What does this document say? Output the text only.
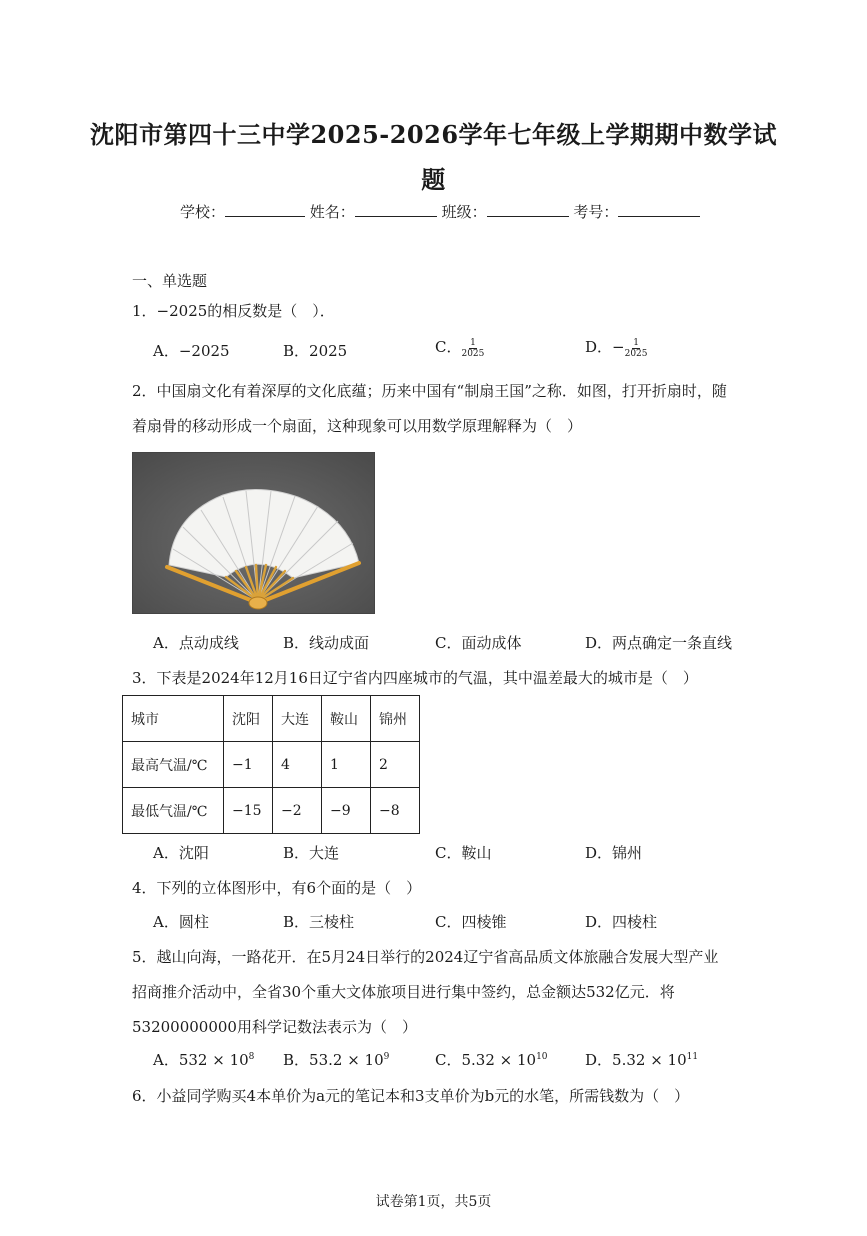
沈阳市第四十三中学2025-2026学年七年级上学期期中数学试
题
学校：	姓名：	班级：	考号：
一、单选题
1．−2025的相反数是（　）．
A．−2025	B．2025	C． $\frac{1}{2025}$	D．− $\frac{1}{2025}$
2．中国扇文化有着深厚的文化底蕴；历来中国有“制扇王国”之称．如图，打开折扇时，随
着扇骨的移动形成一个扇面，这种现象可以用数学原理解释为（　）
A．点动成线	B．线动成面	C．面动成体	D．两点确定一条直线
3．下表是2024年12月16日辽宁省内四座城市的气温，其中温差最大的城市是（　）
城市	沈阳	大连	鞍山	锦州
最高气温/℃	−1	4	1	2
最低气温/℃	−15	−2	−9	−8
A．沈阳	B．大连	C．鞍山	D．锦州
4．下列的立体图形中，有6个面的是（　）
A．圆柱	B．三棱柱	C．四棱锥	D．四棱柱
5．越山向海，一路花开．在5月24日举行的2024辽宁省高品质文体旅融合发展大型产业
招商推介活动中，全省30个重大文体旅项目进行集中签约，总金额达532亿元．将
53200000000用科学记数法表示为（　）
A．$532 \times 10^8$ B．$53.2 \times 10^9$	C．$5.32 \times 10^{10}$ D．$5.32 \times 10^{11}$
6．小益同学购买4本单价为a元的笔记本和3支单价为b元的水笔，所需钱数为（　）
试卷第1页，共5页
